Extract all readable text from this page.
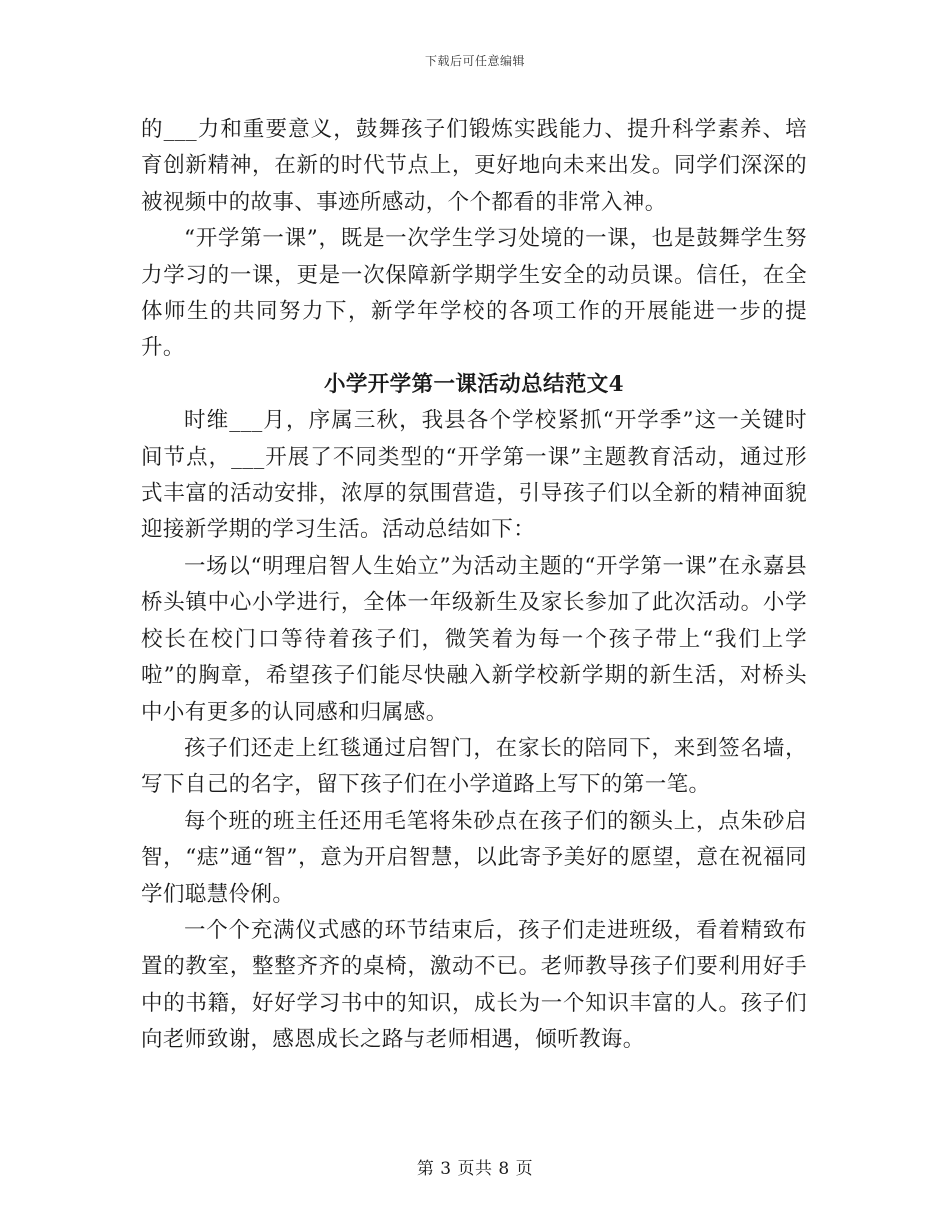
下载后可任意编辑

的___力和重要意义，鼓舞孩子们锻炼实践能力、提升科学素养、培育创新精神，在新的时代节点上，更好地向未来出发。同学们深深的被视频中的故事、事迹所感动，个个都看的非常入神。

“开学第一课”，既是一次学生学习处境的一课，也是鼓舞学生努力学习的一课，更是一次保障新学期学生安全的动员课。信任，在全体师生的共同努力下，新学年学校的各项工作的开展能进一步的提升。

小学开学第一课活动总结范文4

时维___月，序属三秋，我县各个学校紧抓“开学季”这一关键时间节点，___开展了不同类型的“开学第一课”主题教育活动，通过形式丰富的活动安排，浓厚的氛围营造，引导孩子们以全新的精神面貌迎接新学期的学习生活。活动总结如下：

一场以“明理启智人生始立”为活动主题的“开学第一课”在永嘉县桥头镇中心小学进行，全体一年级新生及家长参加了此次活动。小学校长在校门口等待着孩子们，微笑着为每一个孩子带上“我们上学啦”的胸章，希望孩子们能尽快融入新学校新学期的新生活，对桥头中小有更多的认同感和归属感。

孩子们还走上红毯通过启智门，在家长的陪同下，来到签名墙，写下自己的名字，留下孩子们在小学道路上写下的第一笔。

每个班的班主任还用毛笔将朱砂点在孩子们的额头上，点朱砂启智，“痣”通“智”，意为开启智慧，以此寄予美好的愿望，意在祝福同学们聪慧伶俐。

一个个充满仪式感的环节结束后，孩子们走进班级，看着精致布置的教室，整整齐齐的桌椅，激动不已。老师教导孩子们要利用好手中的书籍，好好学习书中的知识，成长为一个知识丰富的人。孩子们向老师致谢，感恩成长之路与老师相遇，倾听教诲。

第 3 页共 8 页
